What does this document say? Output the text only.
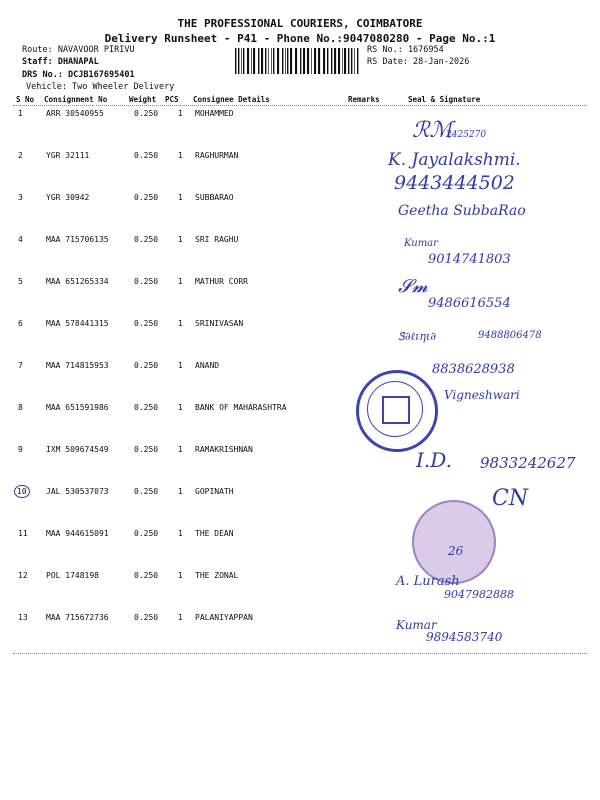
THE PROFESSIONAL COURIERS, COIMBATORE
Delivery Runsheet - P41 - Phone No.:9047080280 - Page No.:1
Route: NAVAVOOR PIRIVU
Staff: DHANAPAL
DRS No.: DCJB167695401
Vehicle: Two Wheeler Delivery
RS No.: 1676954
RS Date: 28-Jan-2026
S No Consignment No	Weight PCS Consignee Details	Remarks	Seal & Signature
1	ARR 30540955	0.250 1 MOHAMMED
2	YGR 32111	0.250 1 RAGHURMAN
3	YGR 30942	0.250 1 SUBBARAO
4	MAA 715706135	0.250 1 SRI RAGHU
5	MAA 651265334	0.250 1 MATHUR CORR
6	MAA 578441315	0.250 1 SRINIVASAN
7	MAA 714815953	0.250 1 ANAND
8	MAA 651591986	0.250 1 BANK OF MAHARASHTRA
9	IXM 509674549	0.250 1 RAMAKRISHNAN
10	JAL 530537073	0.250 1 GOPINATH
11 MAA 944615091	0.250 1 THE DEAN
12 POL 1748198	0.250 1 THE ZONAL
13 MAA 715672736	0.250 1 PALANIYAPPAN
ℛℳ
2425270
K. Jayalakshmi.
9443444502
Geetha SubbaRao
Kumar
9014741803
𝓢𝓶
9486616554
Ꮥ∂ℓιηι∂	9488806478
8838628938
Vigneshwari
I.D. 9833242627
CN
26
A. Lurash
9047982888
Kumar
9894583740
